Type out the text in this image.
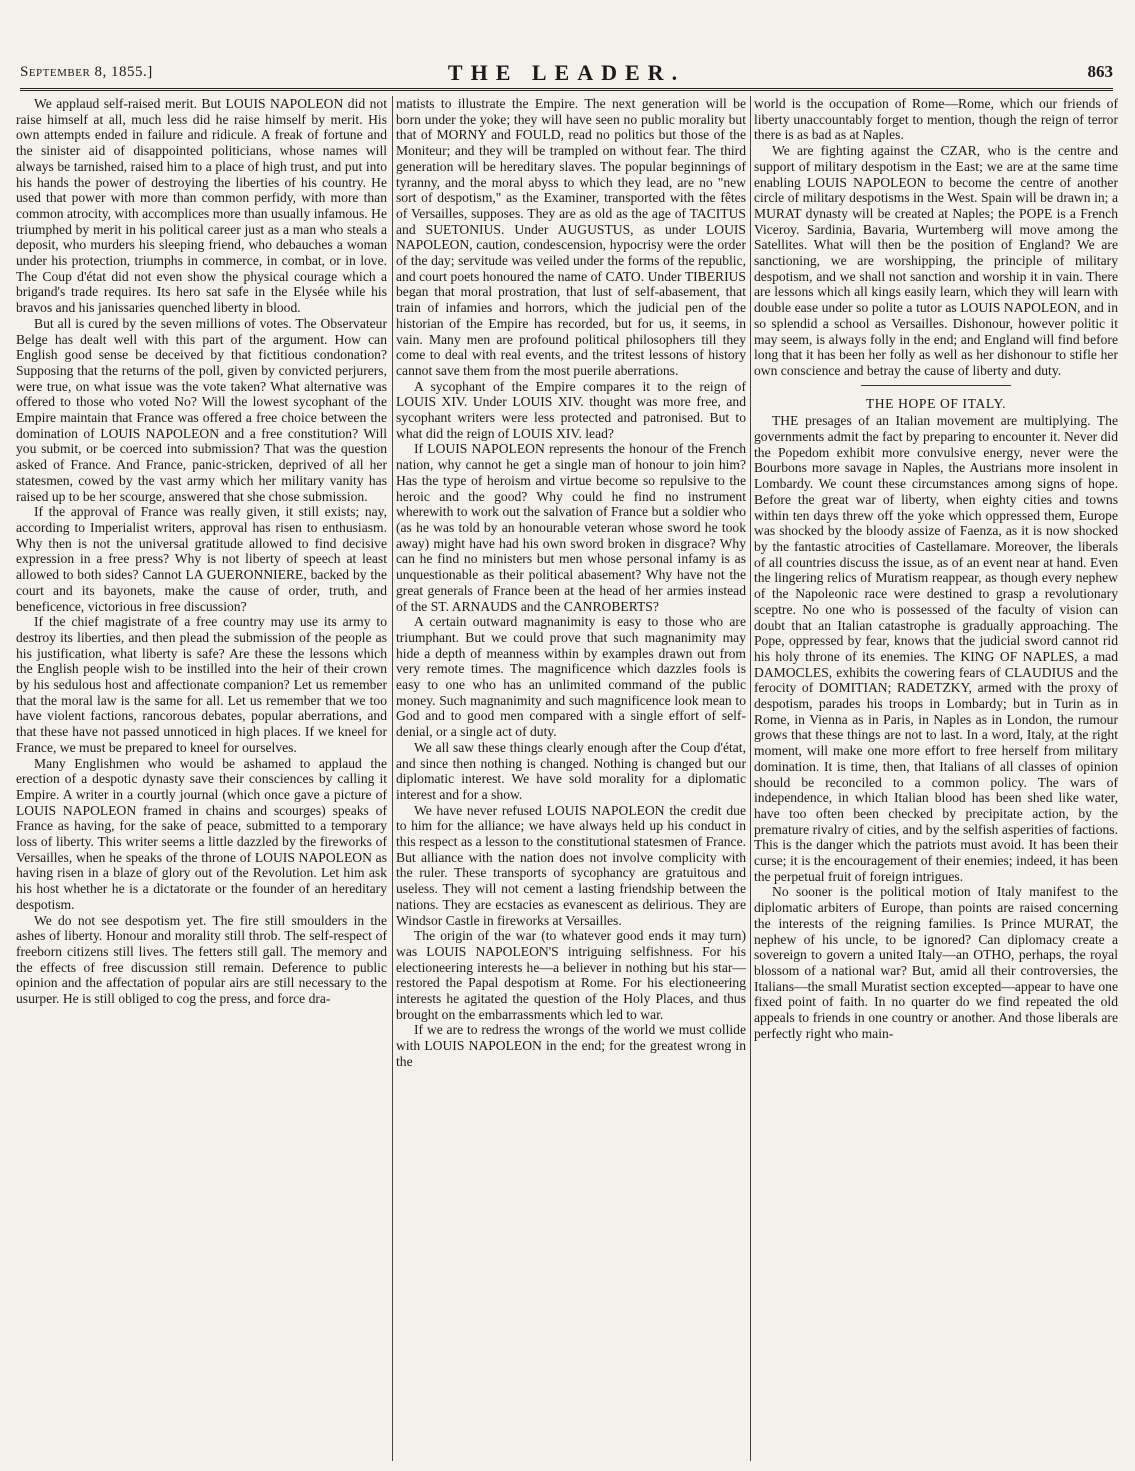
September 8, 1855.]	THE LEADER.	863

We applaud self-raised merit. But LOUIS NAPOLEON did not raise himself at all, much less did he raise himself by merit. His own attempts ended in failure and ridicule. A freak of fortune and the sinister aid of disappointed politicians, whose names will always be tarnished, raised him to a place of high trust, and put into his hands the power of destroying the liberties of his country. He used that power with more than common perfidy, with more than common atrocity, with accomplices more than usually infamous. He triumphed by merit in his political career just as a man who steals a deposit, who murders his sleeping friend, who debauches a woman under his protection, triumphs in commerce, in combat, or in love. The Coup d'état did not even show the physical courage which a brigand's trade requires. Its hero sat safe in the Elysée while his bravos and his janissaries quenched liberty in blood.

But all is cured by the seven millions of votes. The Observateur Belge has dealt well with this part of the argument. How can English good sense be deceived by that fictitious condonation? Supposing that the returns of the poll, given by convicted perjurers, were true, on what issue was the vote taken? What alternative was offered to those who voted No? Will the lowest sycophant of the Empire maintain that France was offered a free choice between the domination of LOUIS NAPOLEON and a free constitution? Will you submit, or be coerced into submission? That was the question asked of France. And France, panic-stricken, deprived of all her statesmen, cowed by the vast army which her military vanity has raised up to be her scourge, answered that she chose submission.

If the approval of France was really given, it still exists; nay, according to Imperialist writers, approval has risen to enthusiasm. Why then is not the universal gratitude allowed to find decisive expression in a free press? Why is not liberty of speech at least allowed to both sides? Cannot LA GUERONNIERE, backed by the court and its bayonets, make the cause of order, truth, and beneficence, victorious in free discussion?

If the chief magistrate of a free country may use its army to destroy its liberties, and then plead the submission of the people as his justification, what liberty is safe? Are these the lessons which the English people wish to be instilled into the heir of their crown by his sedulous host and affectionate companion? Let us remember that the moral law is the same for all. Let us remember that we too have violent factions, rancorous debates, popular aberrations, and that these have not passed unnoticed in high places. If we kneel for France, we must be prepared to kneel for ourselves.

Many Englishmen who would be ashamed to applaud the erection of a despotic dynasty save their consciences by calling it Empire. A writer in a courtly journal (which once gave a picture of LOUIS NAPOLEON framed in chains and scourges) speaks of France as having, for the sake of peace, submitted to a temporary loss of liberty. This writer seems a little dazzled by the fireworks of Versailles, when he speaks of the throne of LOUIS NAPOLEON as having risen in a blaze of glory out of the Revolution. Let him ask his host whether he is a dictatorate or the founder of an hereditary despotism.

We do not see despotism yet. The fire still smoulders in the ashes of liberty. Honour and morality still throb. The self-respect of freeborn citizens still lives. The fetters still gall. The memory and the effects of free discussion still remain. Deference to public opinion and the affectation of popular airs are still necessary to the usurper. He is still obliged to cog the press, and force dra-

matists to illustrate the Empire. The next generation will be born under the yoke; they will have seen no public morality but that of MORNY and FOULD, read no politics but those of the Moniteur; and they will be trampled on without fear. The third generation will be hereditary slaves. The popular beginnings of tyranny, and the moral abyss to which they lead, are no "new sort of despotism," as the Examiner, transported with the fêtes of Versailles, supposes. They are as old as the age of TACITUS and SUETONIUS. Under AUGUSTUS, as under LOUIS NAPOLEON, caution, condescension, hypocrisy were the order of the day; servitude was veiled under the forms of the republic, and court poets honoured the name of CATO. Under TIBERIUS began that moral prostration, that lust of self-abasement, that train of infamies and horrors, which the judicial pen of the historian of the Empire has recorded, but for us, it seems, in vain. Many men are profound political philosophers till they come to deal with real events, and the tritest lessons of history cannot save them from the most puerile aberrations.

A sycophant of the Empire compares it to the reign of LOUIS XIV. Under LOUIS XIV. thought was more free, and sycophant writers were less protected and patronised. But to what did the reign of LOUIS XIV. lead?

If LOUIS NAPOLEON represents the honour of the French nation, why cannot he get a single man of honour to join him? Has the type of heroism and virtue become so repulsive to the heroic and the good? Why could he find no instrument wherewith to work out the salvation of France but a soldier who (as he was told by an honourable veteran whose sword he took away) might have had his own sword broken in disgrace? Why can he find no ministers but men whose personal infamy is as unquestionable as their political abasement? Why have not the great generals of France been at the head of her armies instead of the ST. ARNAUDS and the CANROBERTS?

A certain outward magnanimity is easy to those who are triumphant. But we could prove that such magnanimity may hide a depth of meanness within by examples drawn out from very remote times. The magnificence which dazzles fools is easy to one who has an unlimited command of the public money. Such magnanimity and such magnificence look mean to God and to good men compared with a single effort of self-denial, or a single act of duty.

We all saw these things clearly enough after the Coup d'état, and since then nothing is changed. Nothing is changed but our diplomatic interest. We have sold morality for a diplomatic interest and for a show.

We have never refused LOUIS NAPOLEON the credit due to him for the alliance; we have always held up his conduct in this respect as a lesson to the constitutional statesmen of France. But alliance with the nation does not involve complicity with the ruler. These transports of sycophancy are gratuitous and useless. They will not cement a lasting friendship between the nations. They are ecstacies as evanescent as delirious. They are Windsor Castle in fireworks at Versailles.

The origin of the war (to whatever good ends it may turn) was LOUIS NAPOLEON'S intriguing selfishness. For his electioneering interests he—a believer in nothing but his star—restored the Papal despotism at Rome. For his electioneering interests he agitated the question of the Holy Places, and thus brought on the embarrassments which led to war.

If we are to redress the wrongs of the world we must collide with LOUIS NAPOLEON in the end; for the greatest wrong in the

world is the occupation of Rome—Rome, which our friends of liberty unaccountably forget to mention, though the reign of terror there is as bad as at Naples.

We are fighting against the CZAR, who is the centre and support of military despotism in the East; we are at the same time enabling LOUIS NAPOLEON to become the centre of another circle of military despotisms in the West. Spain will be drawn in; a MURAT dynasty will be created at Naples; the POPE is a French Viceroy. Sardinia, Bavaria, Wurtemberg will move among the Satellites. What will then be the position of England? We are sanctioning, we are worshipping, the principle of military despotism, and we shall not sanction and worship it in vain. There are lessons which all kings easily learn, which they will learn with double ease under so polite a tutor as LOUIS NAPOLEON, and in so splendid a school as Versailles. Dishonour, however politic it may seem, is always folly in the end; and England will find before long that it has been her folly as well as her dishonour to stifle her own conscience and betray the cause of liberty and duty.

THE HOPE OF ITALY.

THE presages of an Italian movement are multiplying. The governments admit the fact by preparing to encounter it. Never did the Popedom exhibit more convulsive energy, never were the Bourbons more savage in Naples, the Austrians more insolent in Lombardy. We count these circumstances among signs of hope. Before the great war of liberty, when eighty cities and towns within ten days threw off the yoke which oppressed them, Europe was shocked by the bloody assize of Faenza, as it is now shocked by the fantastic atrocities of Castellamare. Moreover, the liberals of all countries discuss the issue, as of an event near at hand. Even the lingering relics of Muratism reappear, as though every nephew of the Napoleonic race were destined to grasp a revolutionary sceptre. No one who is possessed of the faculty of vision can doubt that an Italian catastrophe is gradually approaching. The Pope, oppressed by fear, knows that the judicial sword cannot rid his holy throne of its enemies. The KING OF NAPLES, a mad DAMOCLES, exhibits the cowering fears of CLAUDIUS and the ferocity of DOMITIAN; RADETZKY, armed with the proxy of despotism, parades his troops in Lombardy; but in Turin as in Rome, in Vienna as in Paris, in Naples as in London, the rumour grows that these things are not to last. In a word, Italy, at the right moment, will make one more effort to free herself from military domination. It is time, then, that Italians of all classes of opinion should be reconciled to a common policy. The wars of independence, in which Italian blood has been shed like water, have too often been checked by precipitate action, by the premature rivalry of cities, and by the selfish asperities of factions. This is the danger which the patriots must avoid. It has been their curse; it is the encouragement of their enemies; indeed, it has been the perpetual fruit of foreign intrigues.

No sooner is the political motion of Italy manifest to the diplomatic arbiters of Europe, than points are raised concerning the interests of the reigning families. Is Prince MURAT, the nephew of his uncle, to be ignored? Can diplomacy create a sovereign to govern a united Italy—an OTHO, perhaps, the royal blossom of a national war? But, amid all their controversies, the Italians—the small Muratist section excepted—appear to have one fixed point of faith. In no quarter do we find repeated the old appeals to friends in one country or another. And those liberals are perfectly right who main-
